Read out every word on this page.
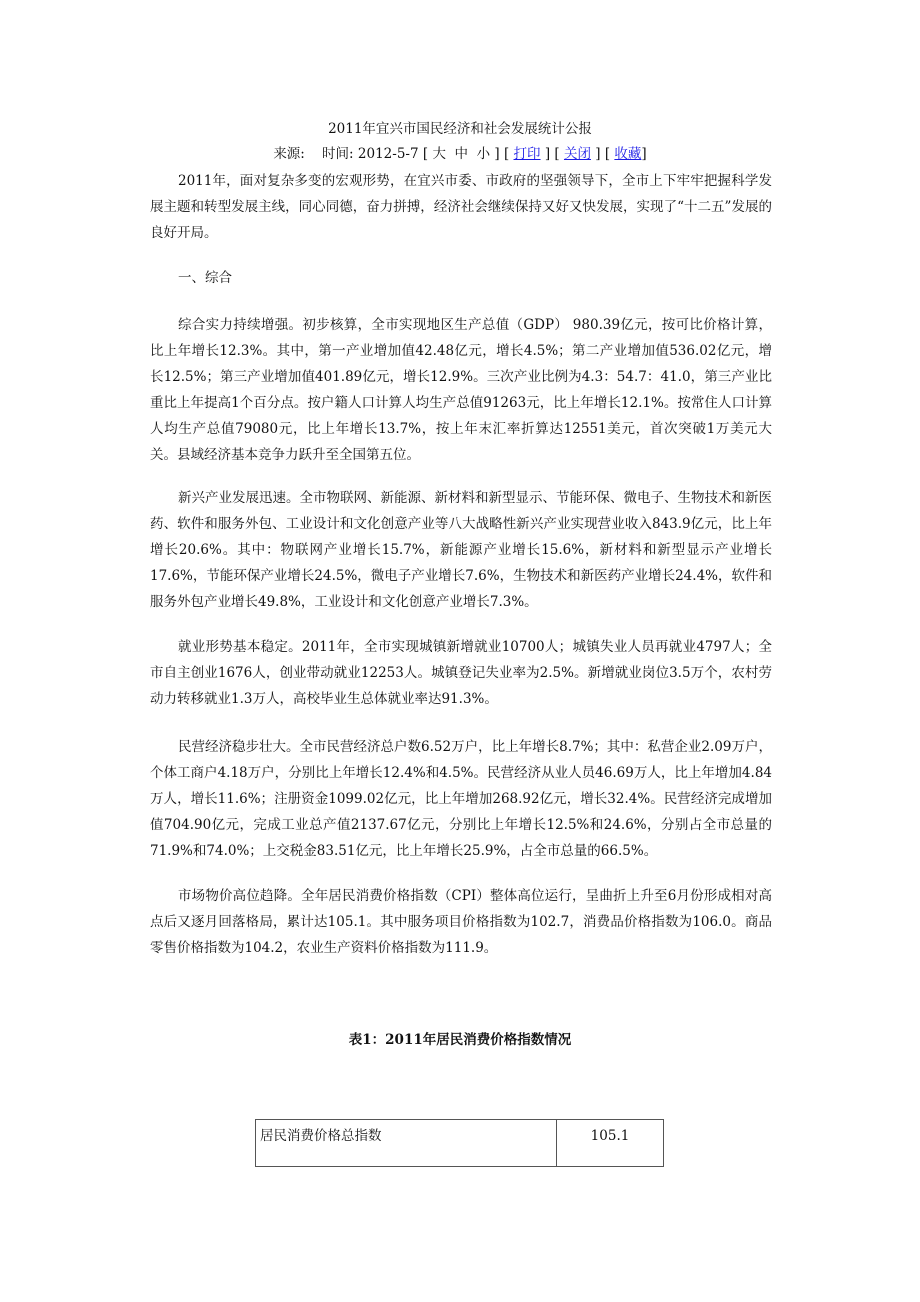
2011年宜兴市国民经济和社会发展统计公报
来源: 时间: 2012-5-7 [ 大 中 小 ] [ 打印 ] [ 关闭 ] [ 收藏]

2011年，面对复杂多变的宏观形势，在宜兴市委、市政府的坚强领导下，全市上下牢牢把握科学发展主题和转型发展主线，同心同德，奋力拼搏，经济社会继续保持又好又快发展，实现了“十二五”发展的良好开局。

一、综合

综合实力持续增强。初步核算，全市实现地区生产总值（GDP） 980.39亿元，按可比价格计算，比上年增长12.3%。其中，第一产业增加值42.48亿元，增长4.5%；第二产业增加值536.02亿元，增长12.5%；第三产业增加值401.89亿元，增长12.9%。三次产业比例为4.3：54.7：41.0，第三产业比重比上年提高1个百分点。按户籍人口计算人均生产总值91263元，比上年增长12.1%。按常住人口计算人均生产总值79080元，比上年增长13.7%，按上年末汇率折算达12551美元，首次突破1万美元大关。县域经济基本竞争力跃升至全国第五位。

新兴产业发展迅速。全市物联网、新能源、新材料和新型显示、节能环保、微电子、生物技术和新医药、软件和服务外包、工业设计和文化创意产业等八大战略性新兴产业实现营业收入843.9亿元，比上年增长20.6%。其中：物联网产业增长15.7%，新能源产业增长15.6%，新材料和新型显示产业增长17.6%，节能环保产业增长24.5%，微电子产业增长7.6%，生物技术和新医药产业增长24.4%，软件和服务外包产业增长49.8%，工业设计和文化创意产业增长7.3%。

就业形势基本稳定。2011年，全市实现城镇新增就业10700人；城镇失业人员再就业4797人；全市自主创业1676人，创业带动就业12253人。城镇登记失业率为2.5%。新增就业岗位3.5万个，农村劳动力转移就业1.3万人，高校毕业生总体就业率达91.3%。

民营经济稳步壮大。全市民营经济总户数6.52万户，比上年增长8.7%；其中：私营企业2.09万户，个体工商户4.18万户，分别比上年增长12.4%和4.5%。民营经济从业人员46.69万人，比上年增加4.84万人，增长11.6%；注册资金1099.02亿元，比上年增加268.92亿元，增长32.4%。民营经济完成增加值704.90亿元，完成工业总产值2137.67亿元，分别比上年增长12.5%和24.6%，分别占全市总量的71.9%和74.0%；上交税金83.51亿元，比上年增长25.9%，占全市总量的66.5%。

市场物价高位趋降。全年居民消费价格指数（CPI）整体高位运行，呈曲折上升至6月份形成相对高点后又逐月回落格局，累计达105.1。其中服务项目价格指数为102.7，消费品价格指数为106.0。商品零售价格指数为104.2，农业生产资料价格指数为111.9。

表1：2011年居民消费价格指数情况
居民消费价格总指数	105.1
